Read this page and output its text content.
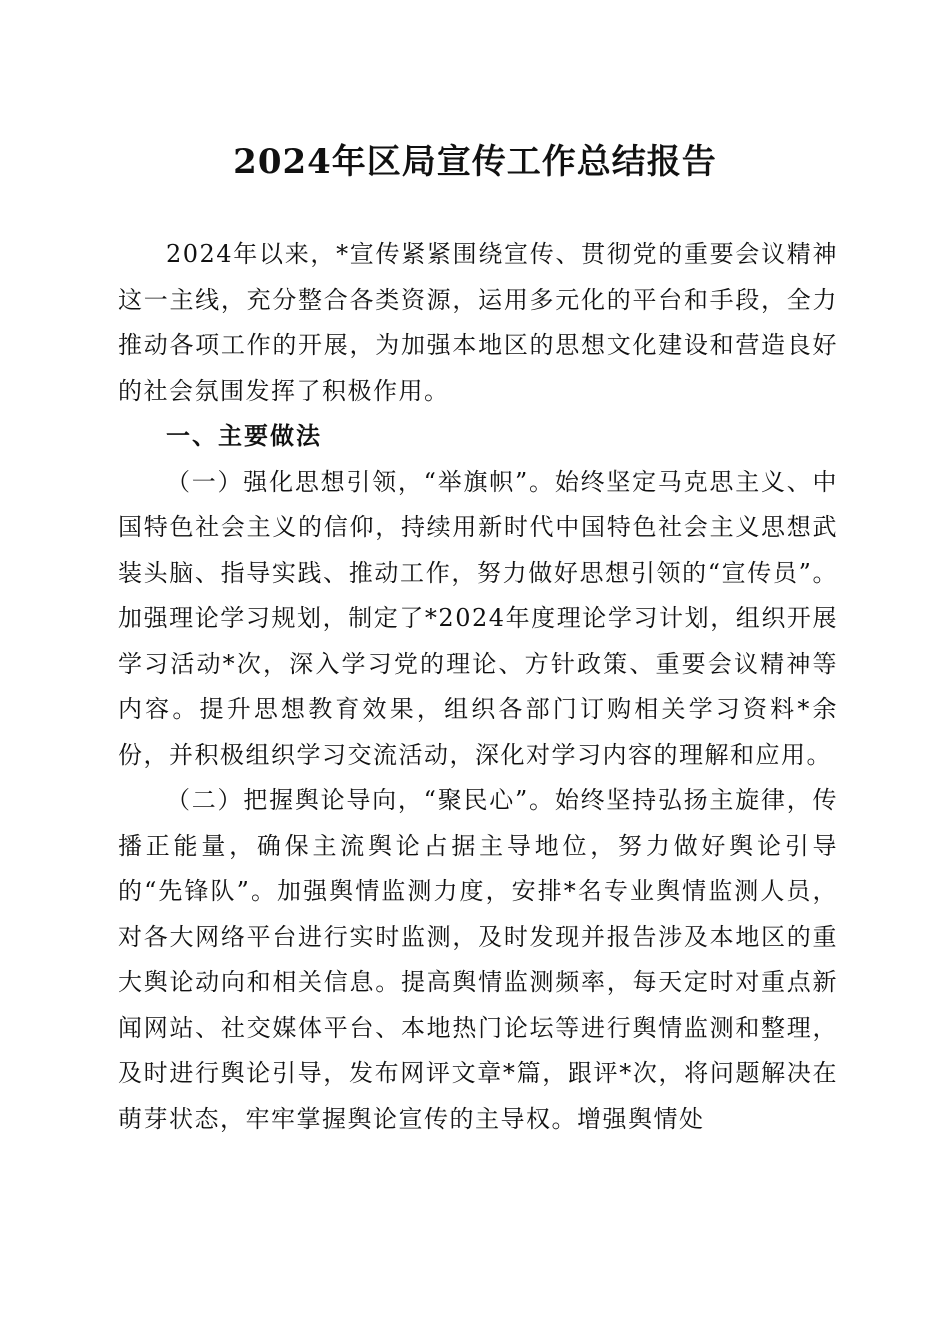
2024年区局宣传工作总结报告

2024年以来，*宣传紧紧围绕宣传、贯彻党的重要会议精神这一主线，充分整合各类资源，运用多元化的平台和手段，全力推动各项工作的开展，为加强本地区的思想文化建设和营造良好的社会氛围发挥了积极作用。

一、主要做法

（一）强化思想引领，“举旗帜”。始终坚定马克思主义、中国特色社会主义的信仰，持续用新时代中国特色社会主义思想武装头脑、指导实践、推动工作，努力做好思想引领的“宣传员”。加强理论学习规划，制定了*2024年度理论学习计划，组织开展学习活动*次，深入学习党的理论、方针政策、重要会议精神等内容。提升思想教育效果，组织各部门订购相关学习资料*余份，并积极组织学习交流活动，深化对学习内容的理解和应用。

（二）把握舆论导向，“聚民心”。始终坚持弘扬主旋律，传播正能量，确保主流舆论占据主导地位，努力做好舆论引导的“先锋队”。加强舆情监测力度，安排*名专业舆情监测人员，对各大网络平台进行实时监测，及时发现并报告涉及本地区的重大舆论动向和相关信息。提高舆情监测频率，每天定时对重点新闻网站、社交媒体平台、本地热门论坛等进行舆情监测和整理，及时进行舆论引导，发布网评文章*篇，跟评*次，将问题解决在萌芽状态，牢牢掌握舆论宣传的主导权。增强舆情处
